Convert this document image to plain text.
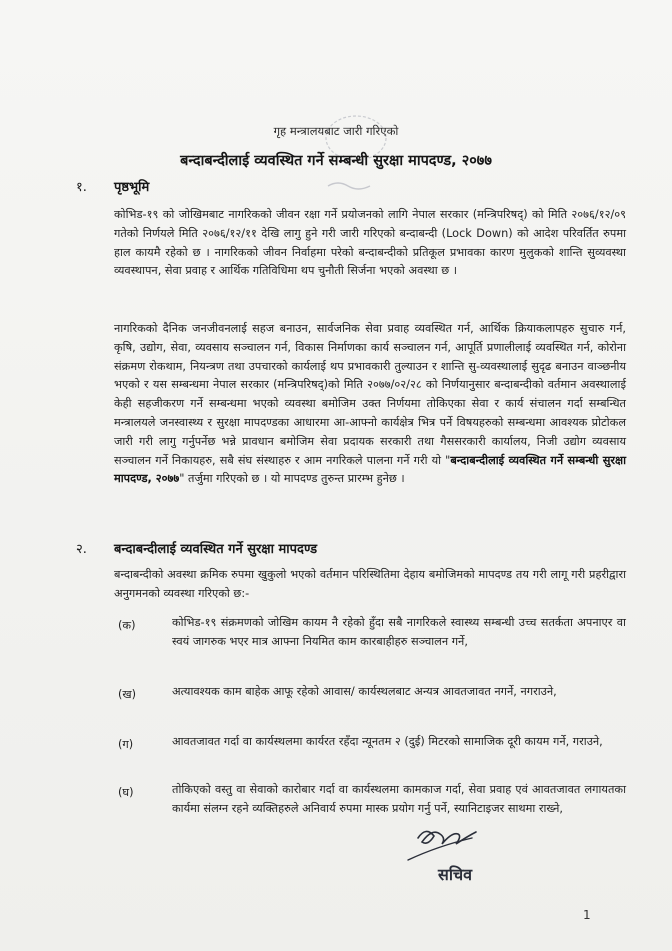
गृह मन्त्रालयबाट जारी गरिएको
बन्दाबन्दीलाई व्यवस्थित गर्ने सम्बन्धी सुरक्षा मापदण्ड, २०७७
१. पृष्ठभूमि
कोभिड-१९ को जोखिमबाट नागरिकको जीवन रक्षा गर्ने प्रयोजनको लागि नेपाल सरकार (मन्त्रिपरिषद्) को मिति २०७६/१२/०९ गतेको निर्णयले मिति २०७६/१२/११ देखि लागु हुने गरी जारी गरिएको बन्दाबन्दी (Lock Down) को आदेश परिवर्तित रुपमा हाल कायमै रहेको छ । नागरिकको जीवन निर्वाहमा परेको बन्दाबन्दीको प्रतिकूल प्रभावका कारण मुलुकको शान्ति सुव्यवस्था व्यवस्थापन, सेवा प्रवाह र आर्थिक गतिविधिमा थप चुनौती सिर्जना भएको अवस्था छ ।
नागरिकको दैनिक जनजीवनलाई सहज बनाउन, सार्वजनिक सेवा प्रवाह व्यवस्थित गर्न, आर्थिक क्रियाकलापहरु सुचारु गर्न, कृषि, उद्योग, सेवा, व्यवसाय सञ्चालन गर्न, विकास निर्माणका कार्य सञ्चालन गर्न, आपूर्ति प्रणालीलाई व्यवस्थित गर्न, कोरोना संक्रमण रोकथाम, नियन्त्रण तथा उपचारको कार्यलाई थप प्रभावकारी तुल्याउन र शान्ति सु-व्यवस्थालाई सुदृढ बनाउन वाञ्छनीय भएको र यस सम्बन्धमा नेपाल सरकार (मन्त्रिपरिषद्)को मिति २०७७/०२/२८ को निर्णयानुसार बन्दाबन्दीको वर्तमान अवस्थालाई केही सहजीकरण गर्ने सम्बन्धमा भएको व्यवस्था बमोजिम उक्त निर्णयमा तोकिएका सेवा र कार्य संचालन गर्दा सम्बन्धित मन्त्रालयले जनस्वास्थ्य र सुरक्षा मापदण्डका आधारमा आ-आफ्नो कार्यक्षेत्र भित्र पर्ने विषयहरुको सम्बन्धमा आवश्यक प्रोटोकल जारी गरी लागु गर्नुपर्नेछ भन्ने प्रावधान बमोजिम सेवा प्रदायक सरकारी तथा गैससरकारी कार्यालय, निजी उद्योग व्यवसाय सञ्चालन गर्ने निकायहरु, सबै संघ संस्थाहरु र आम नगरिकले पालना गर्ने गरी यो "बन्दाबन्दीलाई व्यवस्थित गर्ने सम्बन्धी सुरक्षा मापदण्ड, २०७७" तर्जुमा गरिएको छ । यो मापदण्ड तुरुन्त प्रारम्भ हुनेछ ।
२. बन्दाबन्दीलाई व्यवस्थित गर्ने सुरक्षा मापदण्ड
बन्दाबन्दीको अवस्था क्रमिक रुपमा खुकुलो भएको वर्तमान परिस्थितिमा देहाय बमोजिमको मापदण्ड तय गरी लागू गरी प्रहरीद्वारा अनुगमनको व्यवस्था गरिएको छ:-
(क)	कोभिड-१९ संक्रमणको जोखिम कायम नै रहेको हुँदा सबै नागरिकले स्वास्थ्य सम्बन्धी उच्च सतर्कता अपनाएर वा स्वयं जागरुक भएर मात्र आफ्ना नियमित काम कारबाहीहरु सञ्चालन गर्ने,
(ख)	अत्यावश्यक काम बाहेक आफू रहेको आवास/ कार्यस्थलबाट अन्यत्र आवतजावत नगर्ने, नगराउने,
(ग)	आवतजावत गर्दा वा कार्यस्थलमा कार्यरत रहँदा न्यूनतम २ (दुई) मिटरको सामाजिक दूरी कायम गर्ने, गराउने,
(घ)	तोकिएको वस्तु वा सेवाको कारोबार गर्दा वा कार्यस्थलमा कामकाज गर्दा, सेवा प्रवाह एवं आवतजावत लगायतका कार्यमा संलग्न रहने व्यक्तिहरुले अनिवार्य रुपमा मास्क प्रयोग गर्नु पर्ने, स्यानिटाइजर साथमा राख्ने,
सचिव
1
